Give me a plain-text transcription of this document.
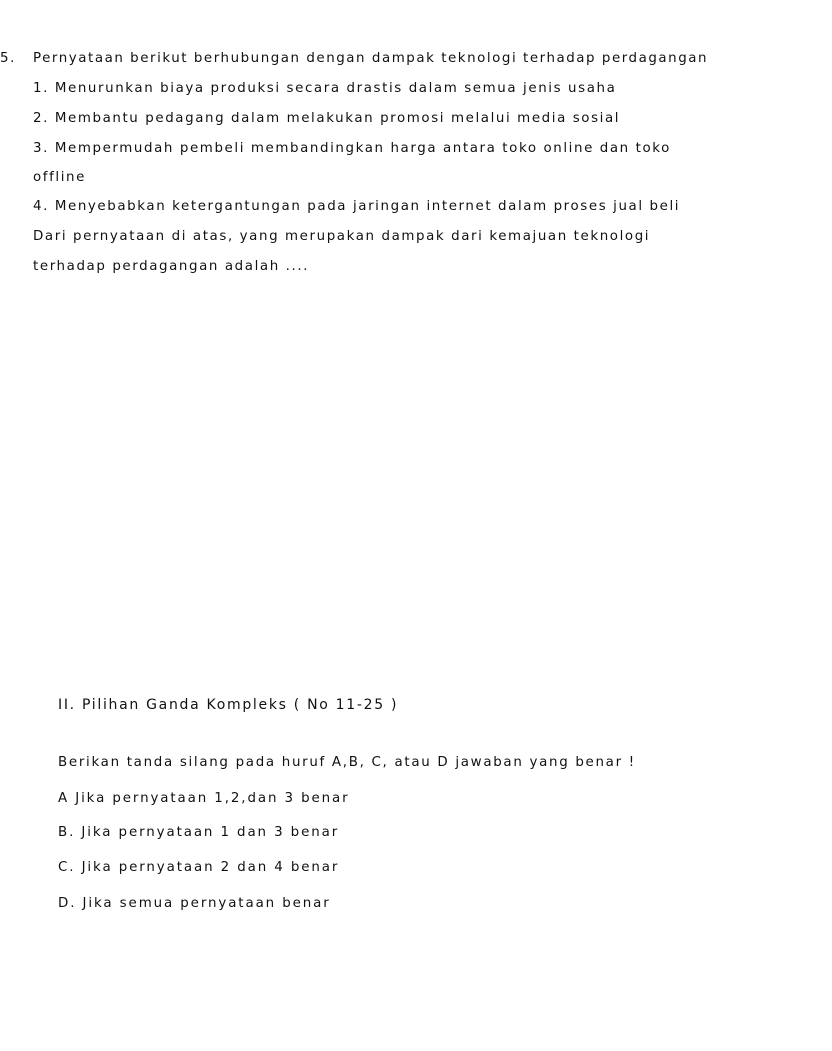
5. Pernyataan berikut berhubungan dengan dampak teknologi terhadap perdagangan
1. Menurunkan biaya produksi secara drastis dalam semua jenis usaha
2. Membantu pedagang dalam melakukan promosi melalui media sosial
3. Mempermudah pembeli membandingkan harga antara toko online dan toko
offline
4. Menyebabkan ketergantungan pada jaringan internet dalam proses jual beli
Dari pernyataan di atas, yang merupakan dampak dari kemajuan teknologi
terhadap perdagangan adalah ....
II. Pilihan Ganda Kompleks ( No 11-25 )
Berikan tanda silang pada huruf A,B, C, atau D jawaban yang benar !
A Jika pernyataan 1,2,dan 3 benar
B. Jika pernyataan 1 dan 3 benar
C. Jika pernyataan 2 dan 4 benar
D. Jika semua pernyataan benar
